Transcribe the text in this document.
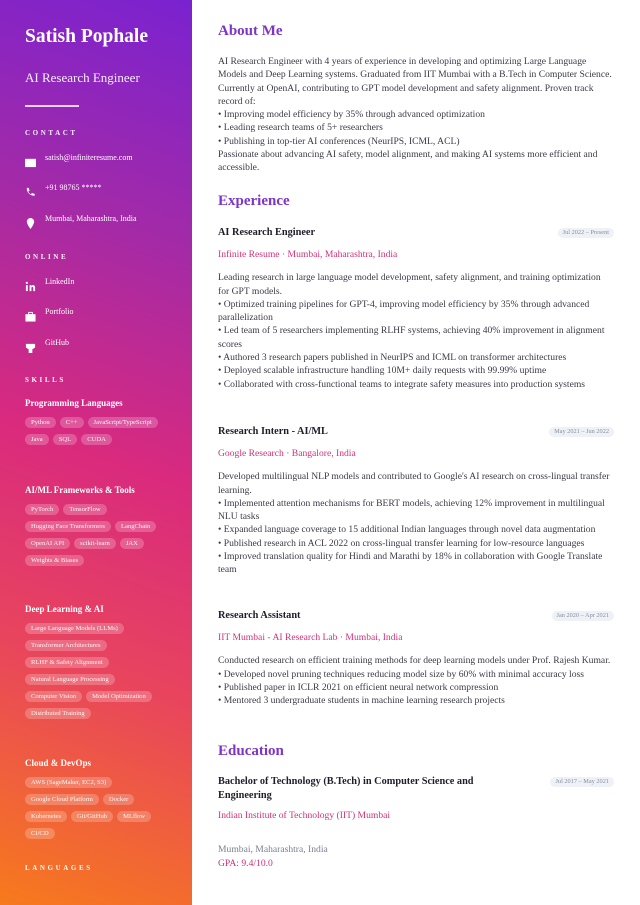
Satish Pophale
AI Research Engineer
CONTACT
satish@infiniteresume.com
+91 98765 *****
Mumbai, Maharashtra, India
ONLINE
LinkedIn
Portfolio
GitHub
SKILLS
Programming Languages
Python	C++	JavaScript/TypeScript
Java	SQL	CUDA
AI/ML Frameworks & Tools
PyTorch	TensorFlow
Hugging Face Transformers	LangChain
OpenAI API	scikit-learn	JAX
Weights & Biases
Deep Learning & AI
Large Language Models (LLMs)
Transformer Architectures
RLHF & Safety Alignment
Natural Language Processing
Computer Vision	Model Optimization
Distributed Training
Cloud & DevOps
AWS (SageMaker, EC2, S3)
Google Cloud Platform	Docker
Kubernetes	Git/GitHub	MLflow
CI/CD
LANGUAGES
About Me
AI Research Engineer with 4 years of experience in developing and optimizing Large Language Models and Deep Learning systems. Graduated from IIT Mumbai with a B.Tech in Computer Science. Currently at OpenAI, contributing to GPT model development and safety alignment. Proven track record of:
• Improving model efficiency by 35% through advanced optimization
• Leading research teams of 5+ researchers
• Publishing in top-tier AI conferences (NeurIPS, ICML, ACL)
Passionate about advancing AI safety, model alignment, and making AI systems more efficient and accessible.
Experience
AI Research Engineer	Jul 2022 – Present
Infinite Resume · Mumbai, Maharashtra, India
Leading research in large language model development, safety alignment, and training optimization for GPT models.
• Optimized training pipelines for GPT-4, improving model efficiency by 35% through advanced parallelization
• Led team of 5 researchers implementing RLHF systems, achieving 40% improvement in alignment scores
• Authored 3 research papers published in NeurIPS and ICML on transformer architectures
• Deployed scalable infrastructure handling 10M+ daily requests with 99.99% uptime
• Collaborated with cross-functional teams to integrate safety measures into production systems
Research Intern - AI/ML	May 2021 – Jun 2022
Google Research · Bangalore, India
Developed multilingual NLP models and contributed to Google's AI research on cross-lingual transfer learning.
• Implemented attention mechanisms for BERT models, achieving 12% improvement in multilingual NLU tasks
• Expanded language coverage to 15 additional Indian languages through novel data augmentation
• Published research in ACL 2022 on cross-lingual transfer learning for low-resource languages
• Improved translation quality for Hindi and Marathi by 18% in collaboration with Google Translate team
Research Assistant	Jan 2020 – Apr 2021
IIT Mumbai - AI Research Lab · Mumbai, India
Conducted research on efficient training methods for deep learning models under Prof. Rajesh Kumar.
• Developed novel pruning techniques reducing model size by 60% with minimal accuracy loss
• Published paper in ICLR 2021 on efficient neural network compression
• Mentored 3 undergraduate students in machine learning research projects
Education
Bachelor of Technology (B.Tech) in Computer Science and Engineering
Jul 2017 – May 2021
Indian Institute of Technology (IIT) Mumbai
Mumbai, Maharashtra, India
GPA: 9.4/10.0
